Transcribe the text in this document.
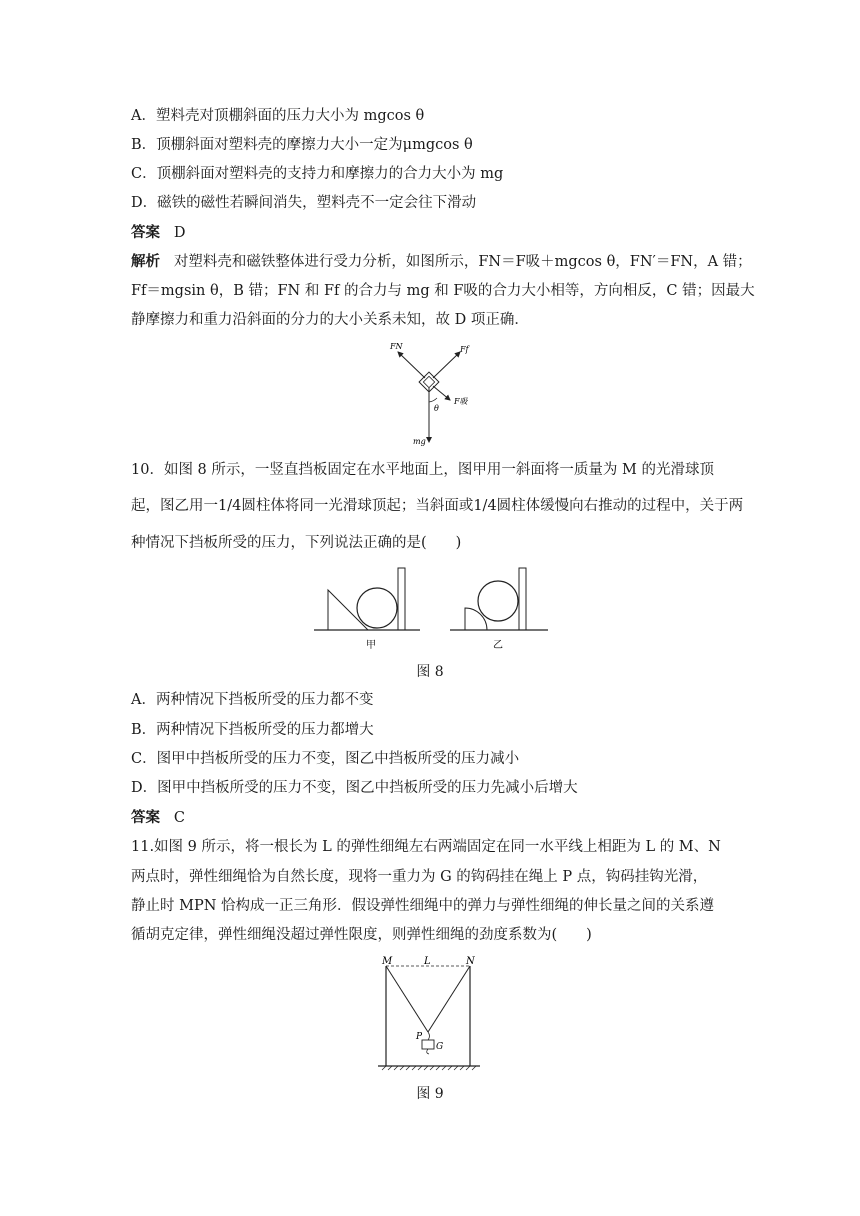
A．塑料壳对顶棚斜面的压力大小为 mgcos θ
B．顶棚斜面对塑料壳的摩擦力大小一定为μmgcos θ
C．顶棚斜面对塑料壳的支持力和摩擦力的合力大小为 mg
D．磁铁的磁性若瞬间消失，塑料壳不一定会往下滑动
答案 D
解析 对塑料壳和磁铁整体进行受力分析，如图所示，FN＝F吸＋mgcos θ，FN′＝FN，A 错；
Ff＝mgsin θ，B 错；FN 和 Ff 的合力与 mg 和 F吸的合力大小相等，方向相反，C 错；因最大
静摩擦力和重力沿斜面的分力的大小关系未知，故 D 项正确．
FN	Ff
F吸
θ
mg
10．如图 8 所示，一竖直挡板固定在水平地面上，图甲用一斜面将一质量为 M 的光滑球顶
起，图乙用一1/4圆柱体将同一光滑球顶起；当斜面或1/4圆柱体缓慢向右推动的过程中，关于两
种情况下挡板所受的压力，下列说法正确的是(　　)
甲	乙
图 8
A．两种情况下挡板所受的压力都不变
B．两种情况下挡板所受的压力都增大
C．图甲中挡板所受的压力不变，图乙中挡板所受的压力减小
D．图甲中挡板所受的压力不变，图乙中挡板所受的压力先减小后增大
答案 C
11.如图 9 所示，将一根长为 L 的弹性细绳左右两端固定在同一水平线上相距为 L 的 M、N
两点时，弹性细绳恰为自然长度，现将一重力为 G 的钩码挂在绳上 P 点，钩码挂钩光滑，
静止时 MPN 恰构成一正三角形．假设弹性细绳中的弹力与弹性细绳的伸长量之间的关系遵
循胡克定律，弹性细绳没超过弹性限度，则弹性细绳的劲度系数为(　　)
M	L	N
P
G
图 9
